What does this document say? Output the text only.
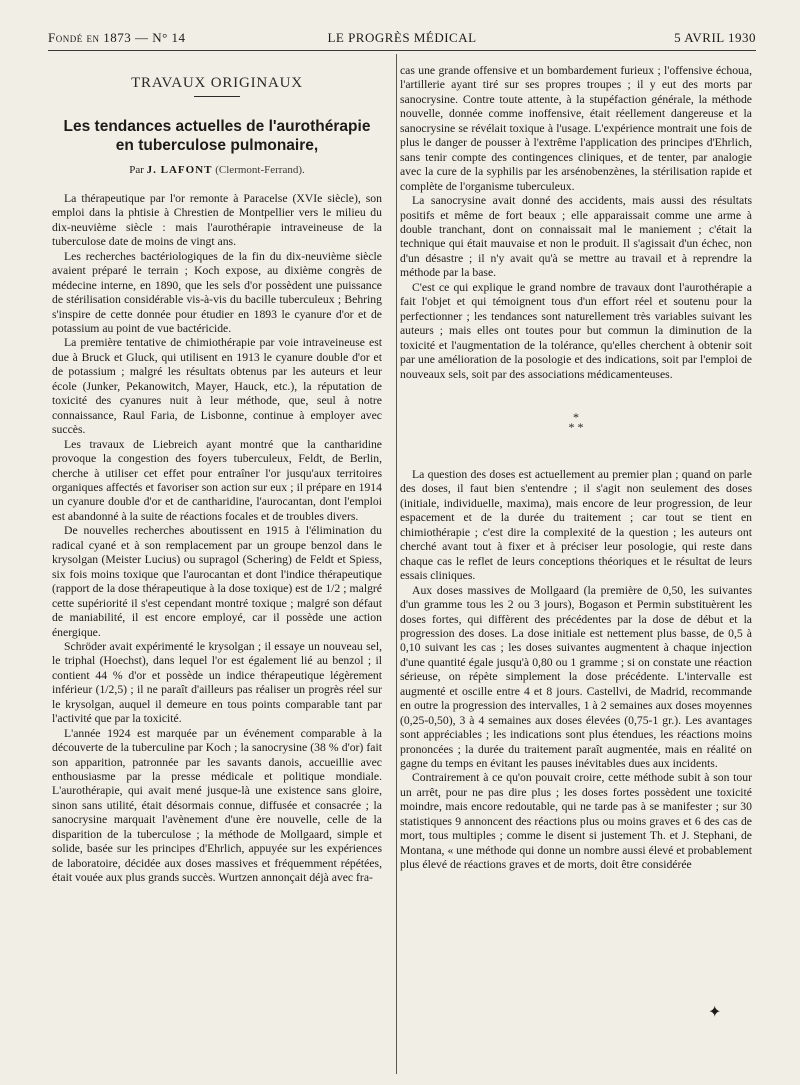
Fondé en 1873 — N° 14	LE PROGRÈS MÉDICAL	5 AVRIL 1930
TRAVAUX ORIGINAUX
Les tendances actuelles de l'aurothérapie
en tuberculose pulmonaire,
Par J. LAFONT (Clermont-Ferrand).

La thérapeutique par l'or remonte à Paracelse (XVIe siècle), son emploi dans la phtisie à Chrestien de Montpellier vers le milieu du dix-neuvième siècle : mais l'aurothérapie intraveineuse de la tuberculose date de moins de vingt ans.

Les recherches bactériologiques de la fin du dix-neuvième siècle avaient préparé le terrain ; Koch expose, au dixième congrès de médecine interne, en 1890, que les sels d'or possèdent une puissance de stérilisation considérable vis-à-vis du bacille tuberculeux ; Behring s'inspire de cette donnée pour étudier en 1893 le cyanure d'or et de potassium au point de vue bactéricide.

La première tentative de chimiothérapie par voie intraveineuse est due à Bruck et Gluck, qui utilisent en 1913 le cyanure double d'or et de potassium ; malgré les résultats obtenus par les auteurs et leur école (Junker, Pekanowitch, Mayer, Hauck, etc.), la réputation de toxicité des cyanures nuit à leur méthode, que, seul à notre connaissance, Raul Faria, de Lisbonne, continue à employer avec succès.

Les travaux de Liebreich ayant montré que la cantharidine provoque la congestion des foyers tuberculeux, Feldt, de Berlin, cherche à utiliser cet effet pour entraîner l'or jusqu'aux territoires organiques affectés et favoriser son action sur eux ; il prépare en 1914 un cyanure double d'or et de cantharidine, l'aurocantan, dont l'emploi est abandonné à la suite de réactions focales et de troubles divers.

De nouvelles recherches aboutissent en 1915 à l'élimination du radical cyané et à son remplacement par un groupe benzol dans le krysolgan (Meister Lucius) ou supragol (Schering) de Feldt et Spiess, six fois moins toxique que l'aurocantan et dont l'indice thérapeutique (rapport de la dose thérapeutique à la dose toxique) est de 1/2 ; malgré cette supériorité il s'est cependant montré toxique ; malgré son défaut de maniabilité, il est encore employé, car il possède une action énergique.

Schröder avait expérimenté le krysolgan ; il essaye un nouveau sel, le triphal (Hoechst), dans lequel l'or est également lié au benzol ; il contient 44 % d'or et possède un indice thérapeutique légèrement inférieur (1/2,5) ; il ne paraît d'ailleurs pas réaliser un progrès réel sur le krysolgan, auquel il demeure en tous points comparable tant par l'activité que par la toxicité.

L'année 1924 est marquée par un événement comparable à la découverte de la tuberculine par Koch ; la sanocrysine (38 % d'or) fait son apparition, patronnée par les savants danois, accueillie avec enthousiasme par la presse médicale et politique mondiale. L'aurothérapie, qui avait mené jusque-là une existence sans gloire, sinon sans utilité, était désormais connue, diffusée et consacrée ; la sanocrysine marquait l'avènement d'une ère nouvelle, celle de la disparition de la tuberculose ; la méthode de Mollgaard, simple et solide, basée sur les principes d'Ehrlich, appuyée sur les expériences de laboratoire, décidée aux doses massives et fréquemment répétées, était vouée aux plus grands succès. Wurtzen annonçait déjà avec fra-

cas une grande offensive et un bombardement furieux ; l'offensive échoua, l'artillerie ayant tiré sur ses propres troupes ; il y eut des morts par sanocrysine. Contre toute attente, à la stupéfaction générale, la méthode nouvelle, donnée comme inoffensive, était réellement dangereuse et la sanocrysine se révélait toxique à l'usage. L'expérience montrait une fois de plus le danger de pousser à l'extrême l'application des principes d'Ehrlich, sans tenir compte des contingences cliniques, et de tenter, par analogie avec la cure de la syphilis par les arsénobenzènes, la stérilisation rapide et complète de l'organisme tuberculeux.

La sanocrysine avait donné des accidents, mais aussi des résultats positifs et même de fort beaux ; elle apparaissait comme une arme à double tranchant, dont on connaissait mal le maniement ; c'était la technique qui était mauvaise et non le produit. Il s'agissait d'un échec, non d'un désastre ; il n'y avait qu'à se mettre au travail et à reprendre la méthode par la base.

C'est ce qui explique le grand nombre de travaux dont l'aurothérapie a fait l'objet et qui témoignent tous d'un effort réel et soutenu pour la perfectionner ; les tendances sont naturellement très variables suivant les auteurs ; mais elles ont toutes pour but commun la diminution de la toxicité et l'augmentation de la tolérance, qu'elles cherchent à obtenir soit par une amélioration de la posologie et des indications, soit par l'emploi de nouveaux sels, soit par des associations médicamenteuses.

*
* *

La question des doses est actuellement au premier plan ; quand on parle des doses, il faut bien s'entendre ; il s'agit non seulement des doses (initiale, individuelle, maxima), mais encore de leur progression, de leur espacement et de la durée du traitement ; car tout se tient en chimiothérapie ; c'est dire la complexité de la question ; les auteurs ont cherché avant tout à fixer et à préciser leur posologie, qui reste dans chaque cas le reflet de leurs conceptions théoriques et le résultat de leurs essais cliniques.

Aux doses massives de Mollgaard (la première de 0,50, les suivantes d'un gramme tous les 2 ou 3 jours), Bogason et Permin substituèrent les doses fortes, qui diffèrent des précédentes par la dose de début et la progression des doses. La dose initiale est nettement plus basse, de 0,5 à 0,10 suivant les cas ; les doses suivantes augmentent à chaque injection d'une quantité égale jusqu'à 0,80 ou 1 gramme ; si on constate une réaction sérieuse, on répète simplement la dose précédente. L'intervalle est augmenté et oscille entre 4 et 8 jours. Castellvi, de Madrid, recommande en outre la progression des intervalles, 1 à 2 semaines aux doses moyennes (0,25-0,50), 3 à 4 semaines aux doses élevées (0,75-1 gr.). Les avantages sont appréciables ; les indications sont plus étendues, les réactions moins prononcées ; la durée du traitement paraît augmentée, mais en réalité on gagne du temps en évitant les pauses inévitables dues aux incidents.

Contrairement à ce qu'on pouvait croire, cette méthode subit à son tour un arrêt, pour ne pas dire plus ; les doses fortes possèdent une toxicité moindre, mais encore redoutable, qui ne tarde pas à se manifester ; sur 30 statistiques 9 annoncent des réactions plus ou moins graves et 6 des cas de mort, tous multiples ; comme le disent si justement Th. et J. Stephani, de Montana, « une méthode qui donne un nombre aussi élevé et probablement plus élevé de réactions graves et de morts, doit être considérée

✦
